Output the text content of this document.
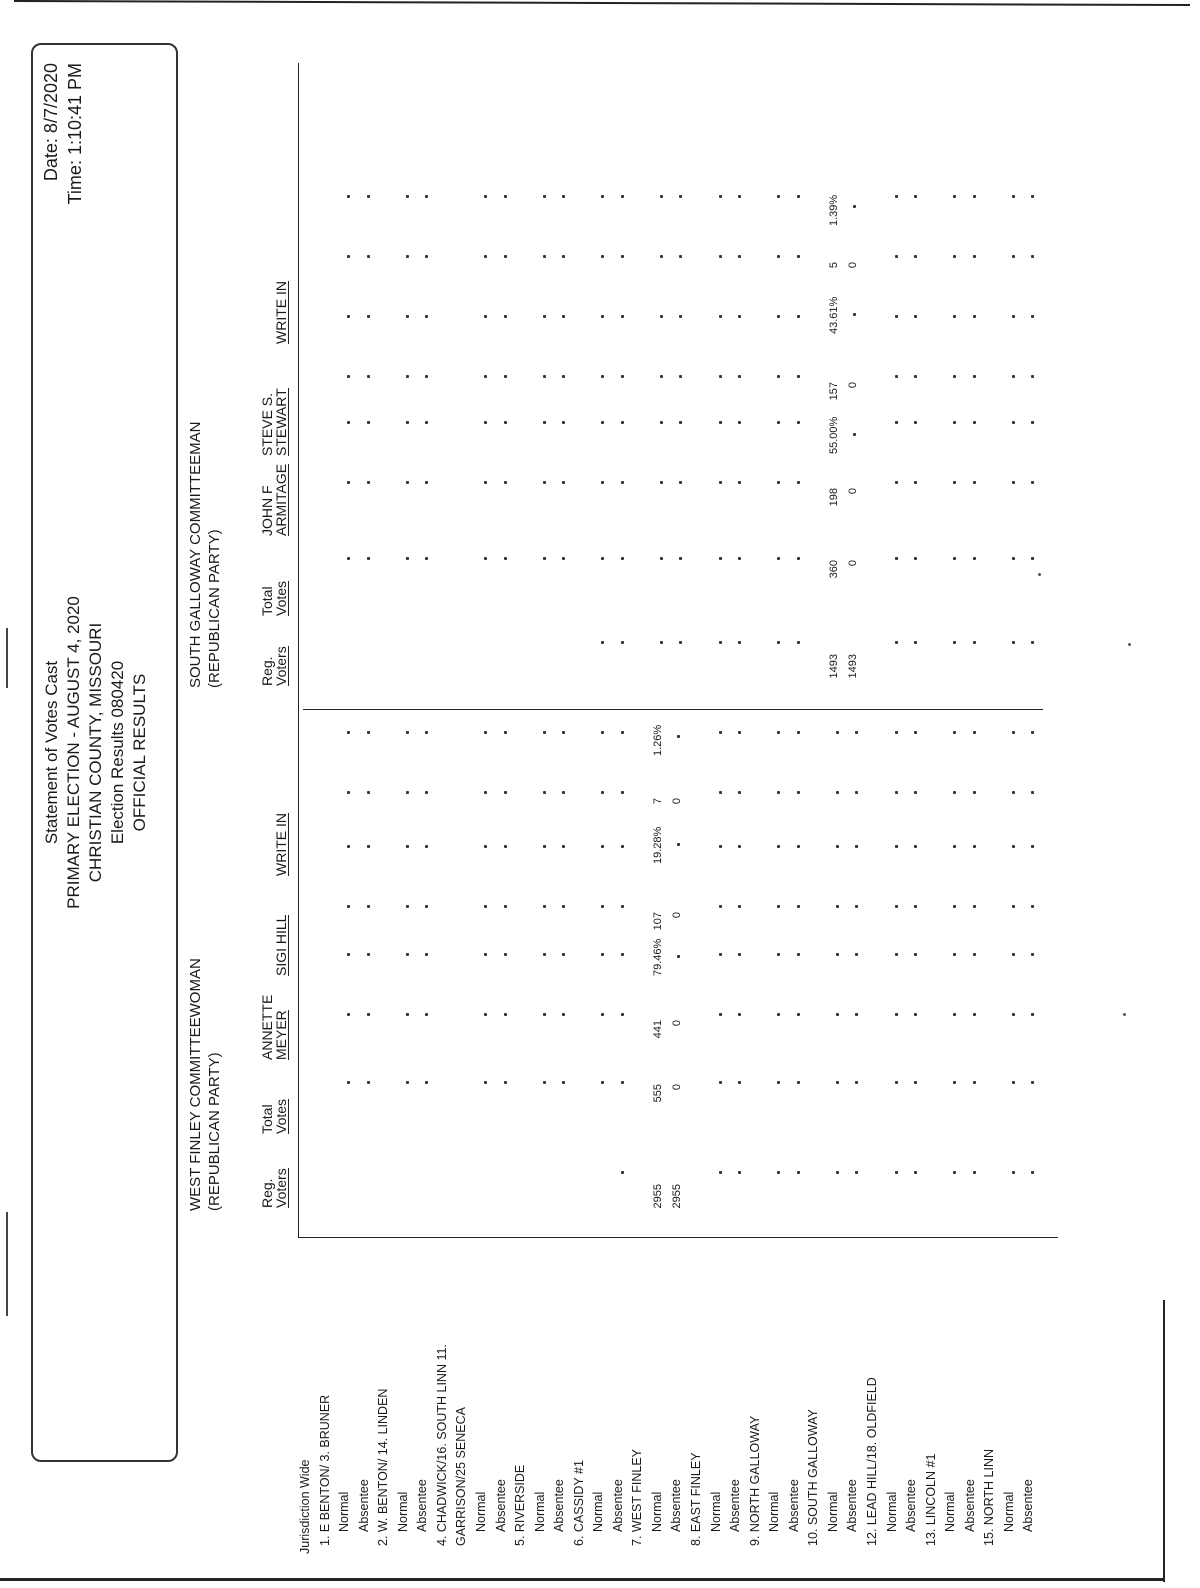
Statement of Votes Cast PRIMARY ELECTION - AUGUST 4, 2020 CHRISTIAN COUNTY, MISSOURI Election Results 080420 OFFICIAL RESULTS
Date: 8/7/2020 Time: 1:10:41 PM
Jurisdiction Wide 1. E BENTON/ 3. BRUNER Normal Absentee 2. W. BENTON/ 14. LINDEN Normal Absentee 4. CHADWICK/16. SOUTH LINN 11. GARRISON/25 SENECA Normal Absentee 5. RIVERSIDE Normal Absentee 6. CASSIDY #1 Normal Absentee 7. WEST FINLEY Normal Absentee 8. EAST FINLEY Normal Absentee 9. NORTH GALLOWAY Normal Absentee 10. SOUTH GALLOWAY Normal Absentee 12. LEAD HILL/18. OLDFIELD Normal Absentee 13. LINCOLN #1 Normal Absentee 15. NORTH LINN Normal Absentee
WEST FINLEY COMMITTEEWOMAN (REPUBLICAN PARTY)	Reg.
Voters
Total
Votes
ANNETTE
MEYER
SIGI HILL
WRITE IN
2955
555
441
79.46%
107
19.28%
7
1.26%
2955
0
0
0
0
SOUTH GALLOWAY COMMITTEEMAN (REPUBLICAN PARTY)	Reg.
Voters
Total
Votes
JOHN F
ARMITAGE
STEVE S.
STEWART
WRITE IN
1493
360
198
55.00%
157
43.61%
5
1.39%
1493
0
0
0
0
